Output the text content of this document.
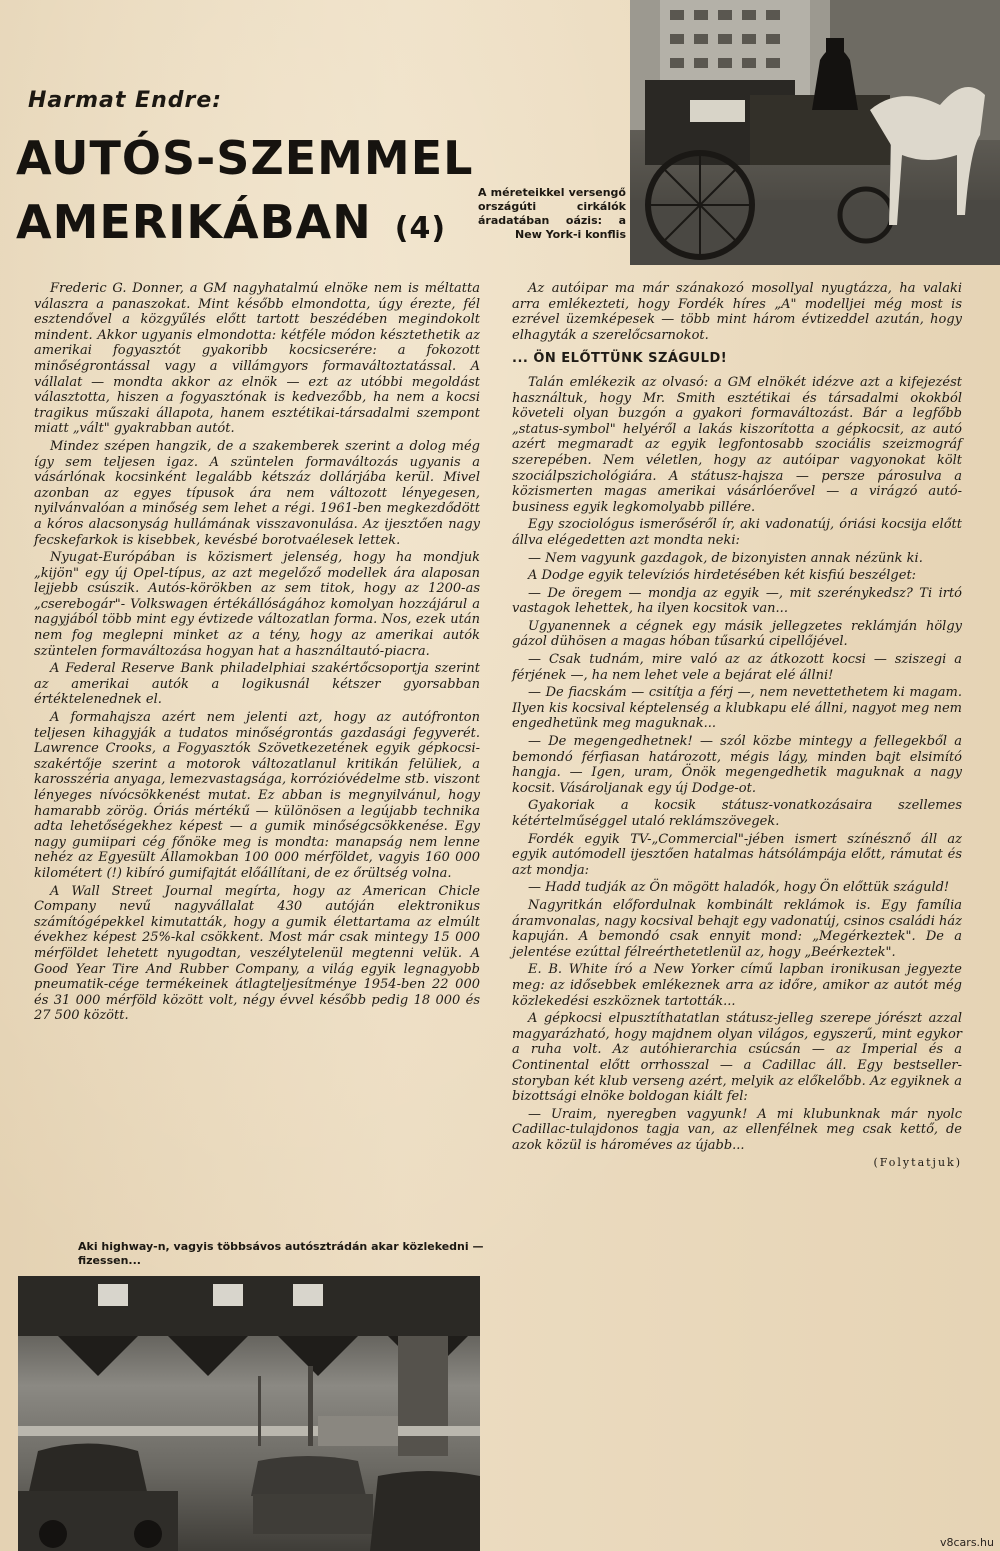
Harmat Endre:
AUTÓS-SZEMMEL
AMERIKÁBAN (4)
A méreteikkel versengő országúti cirkálók áradatában oázis: a New York-i konflis

Frederic G. Donner, a GM nagyhatalmú elnöke nem is méltatta válaszra a panaszokat. Mint később elmondotta, úgy érezte, fél esztendővel a közgyűlés előtt tartott beszédében megindokolt mindent. Akkor ugyanis elmondotta: kétféle módon késztethetik az amerikai fogyasztót gyakoribb kocsicserére: a fokozott minőségrontással vagy a villámgyors formaváltoztatással. A vállalat — mondta akkor az elnök — ezt az utóbbi megoldást választotta, hiszen a fogyasztónak is kedvezőbb, ha nem a kocsi tragikus műszaki állapota, hanem esztétikai-társadalmi szempont miatt „vált" gyakrabban autót.

Mindez szépen hangzik, de a szakemberek szerint a dolog még így sem teljesen igaz. A szüntelen formaváltozás ugyanis a vásárlónak kocsinként legalább kétszáz dollárjába kerül. Mivel azonban az egyes típusok ára nem változott lényegesen, nyilvánvalóan a minőség sem lehet a régi. 1961-ben megkezdődött a kóros alacsonyság hullámának visszavonulása. Az ijesztően nagy fecskefarkok is kisebbek, kevésbé borotvaélesek lettek.

Nyugat-Európában is közismert jelenség, hogy ha mondjuk „kijön" egy új Opel-típus, az azt megelőző modellek ára alaposan lejjebb csúszik. Autós-körökben az sem titok, hogy az 1200-as „cserebogár"- Volkswagen értékállóságához komolyan hozzájárul a nagyjából több mint egy évtizede változatlan forma. Nos, ezek után nem fog meglepni minket az a tény, hogy az amerikai autók szüntelen formaváltozása hogyan hat a használtautó-piacra.

A Federal Reserve Bank philadelphiai szakértőcsoportja szerint az amerikai autók a logikusnál kétszer gyorsabban értéktelenednek el.

A formahajsza azért nem jelenti azt, hogy az autófronton teljesen kihagyják a tudatos minőségrontás gazdasági fegyverét. Lawrence Crooks, a Fogyasztók Szövetkezetének egyik gépkocsi-szakértője szerint a motorok változatlanul kritikán felüliek, a karosszéria anyaga, lemezvastagsága, korrózióvédelme stb. viszont lényeges nívócsökkenést mutat. Ez abban is megnyilvánul, hogy hamarabb zörög. Óriás mértékű — különösen a legújabb technika adta lehetőségekhez képest — a gumik minőségcsökkenése. Egy nagy gumiipari cég főnöke meg is mondta: manapság nem lenne nehéz az Egyesült Államokban 100 000 mérföldet, vagyis 160 000 kilométert (!) kibíró gumifajtát előállítani, de ez őrültség volna.

A Wall Street Journal megírta, hogy az American Chicle Company nevű nagyvállalat 430 autóján elektronikus számítógépekkel kimutatták, hogy a gumik élettartama az elmúlt évekhez képest 25%-kal csökkent. Most már csak mintegy 15 000 mérföldet lehetett nyugodtan, veszélytelenül megtenni velük. A Good Year Tire And Rubber Company, a világ egyik legnagyobb pneumatik-cége termékeinek átlagteljesítménye 1954-ben 22 000 és 31 000 mérföld között volt, négy évvel később pedig 18 000 és 27 500 között.

Az autóipar ma már szánakozó mosollyal nyugtázza, ha valaki arra emlékezteti, hogy Fordék híres „A" modelljei még most is ezrével üzemképesek — több mint három évtizeddel azután, hogy elhagyták a szerelőcsarnokot.

... ÖN ELŐTTÜNK SZÁGULD!

Talán emlékezik az olvasó: a GM elnökét idézve azt a kifejezést használtuk, hogy Mr. Smith esztétikai és társadalmi okokból követeli olyan buzgón a gyakori formaváltozást. Bár a legfőbb „status-symbol" helyéről a lakás kiszorította a gépkocsit, az autó azért megmaradt az egyik legfontosabb szociális szeizmográf szerepében. Nem véletlen, hogy az autóipar vagyonokat költ szociálpszichológiára. A státusz-hajsza — persze párosulva a közismerten magas amerikai vásárlóerővel — a virágzó autó-business egyik legkomolyabb pillére.

Egy szociológus ismerőséről ír, aki vadonatúj, óriási kocsija előtt állva elégedetten azt mondta neki:

— Nem vagyunk gazdagok, de bizonyisten annak nézünk ki.

A Dodge egyik televíziós hirdetésében két kisfiú beszélget:

— De öregem — mondja az egyik —, mit szerénykedsz? Ti irtó vastagok lehettek, ha ilyen kocsitok van...

Ugyanennek a cégnek egy másik jellegzetes reklámján hölgy gázol dühösen a magas hóban tűsarkú cipellőjével.

— Csak tudnám, mire való az az átkozott kocsi — sziszegi a férjének —, ha nem lehet vele a bejárat elé állni!

— De fiacskám — csitítja a férj —, nem nevettethetem ki magam. Ilyen kis kocsival képtelenség a klubkapu elé állni, nagyot meg nem engedhetünk meg maguknak...

— De megengedhetnek! — szól közbe mintegy a fellegekből a bemondó férfiasan határozott, mégis lágy, minden bajt elsimító hangja. — Igen, uram, Önök megengedhetik maguknak a nagy kocsit. Vásároljanak egy új Dodge-ot.

Gyakoriak a kocsik státusz-vonatkozásaira szellemes kétértelműséggel utaló reklámszövegek.

Fordék egyik TV-„Commercial"-jében ismert színésznő áll az egyik autómodell ijesztően hatalmas hátsólámpája előtt, rámutat és azt mondja:

— Hadd tudják az Ön mögött haladók, hogy Ön előttük száguld!

Nagyritkán előfordulnak kombinált reklámok is. Egy família áramvonalas, nagy kocsival behajt egy vadonatúj, csinos családi ház kapuján. A bemondó csak ennyit mond: „Megérkeztek". De a jelentése ezúttal félreérthetetlenül az, hogy „Beérkeztek".

E. B. White író a New Yorker című lapban ironikusan jegyezte meg: az idősebbek emlékeznek arra az időre, amikor az autót még közlekedési eszköznek tartották...

A gépkocsi elpusztíthatatlan státusz-jelleg szerepe jórészt azzal magyarázható, hogy majdnem olyan világos, egyszerű, mint egykor a ruha volt. Az autóhierarchia csúcsán — az Imperial és a Continental előtt orrhosszal — a Cadillac áll. Egy bestseller-storyban két klub verseng azért, melyik az előkelőbb. Az egyiknek a bizottsági elnöke boldogan kiált fel:

— Uraim, nyeregben vagyunk! A mi klubunknak már nyolc Cadillac-tulajdonos tagja van, az ellenfélnek meg csak kettő, de azok közül is hároméves az újabb...

(Folytatjuk)
Aki highway-n, vagyis többsávos autósztrádán akar közlekedni — fizessen...
v8cars.hu
